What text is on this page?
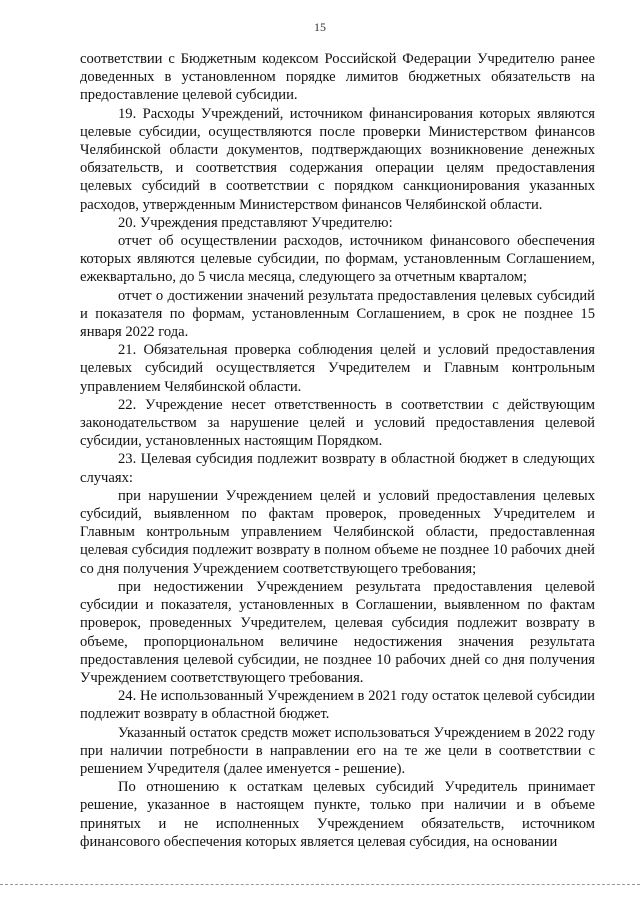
15

соответствии с Бюджетным кодексом Российской Федерации Учредителю ранее доведенных в установленном порядке лимитов бюджетных обязательств на предоставление целевой субсидии.

19. Расходы Учреждений, источником финансирования которых являются целевые субсидии, осуществляются после проверки Министерством финансов Челябинской области документов, подтверждающих возникновение денежных обязательств, и соответствия содержания операции целям предоставления целевых субсидий в соответствии с порядком санкционирования указанных расходов, утвержденным Министерством финансов Челябинской области.

20. Учреждения представляют Учредителю:

отчет об осуществлении расходов, источником финансового обеспечения которых являются целевые субсидии, по формам, установленным Соглашением, ежеквартально, до 5 числа месяца, следующего за отчетным кварталом;

отчет о достижении значений результата предоставления целевых субсидий и показателя по формам, установленным Соглашением, в срок не позднее 15 января 2022 года.

21. Обязательная проверка соблюдения целей и условий предоставления целевых субсидий осуществляется Учредителем и Главным контрольным управлением Челябинской области.

22. Учреждение несет ответственность в соответствии с действующим законодательством за нарушение целей и условий предоставления целевой субсидии, установленных настоящим Порядком.

23. Целевая субсидия подлежит возврату в областной бюджет в следующих случаях:

при нарушении Учреждением целей и условий предоставления целевых субсидий, выявленном по фактам проверок, проведенных Учредителем и Главным контрольным управлением Челябинской области, предоставленная целевая субсидия подлежит возврату в полном объеме не позднее 10 рабочих дней со дня получения Учреждением соответствующего требования;

при недостижении Учреждением результата предоставления целевой субсидии и показателя, установленных в Соглашении, выявленном по фактам проверок, проведенных Учредителем, целевая субсидия подлежит возврату в объеме, пропорциональном величине недостижения значения результата предоставления целевой субсидии, не позднее 10 рабочих дней со дня получения Учреждением соответствующего требования.

24. Не использованный Учреждением в 2021 году остаток целевой субсидии подлежит возврату в областной бюджет.

Указанный остаток средств может использоваться Учреждением в 2022 году при наличии потребности в направлении его на те же цели в соответствии с решением Учредителя (далее именуется - решение).

По отношению к остаткам целевых субсидий Учредитель принимает решение, указанное в настоящем пункте, только при наличии и в объеме принятых и не исполненных Учреждением обязательств, источником финансового обеспечения которых является целевая субсидия, на основании
